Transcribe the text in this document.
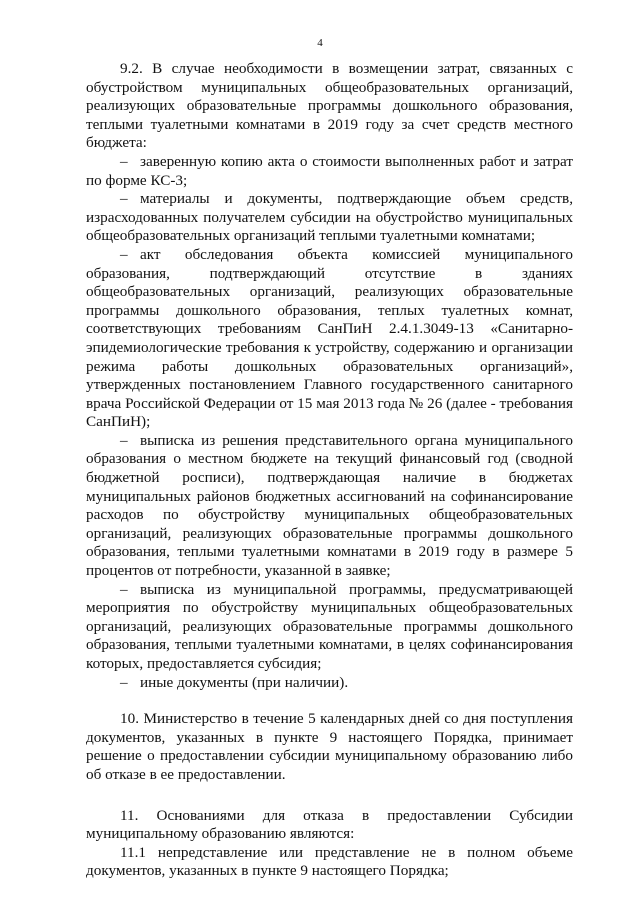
4

9.2. В случае необходимости в возмещении затрат, связанных с обустройством муниципальных общеобразовательных организаций, реализующих образовательные программы дошкольного образования, теплыми туалетными комнатами в 2019 году за счет средств местного бюджета:

– заверенную копию акта о стоимости выполненных работ и затрат по форме КС-3;

– материалы и документы, подтверждающие объем средств, израсходованных получателем субсидии на обустройство муниципальных общеобразовательных организаций теплыми туалетными комнатами;

– акт обследования объекта комиссией муниципального образования, подтверждающий отсутствие в зданиях общеобразовательных организаций, реализующих образовательные программы дошкольного образования, теплых туалетных комнат, соответствующих требованиям СанПиН 2.4.1.3049-13 «Санитарно-эпидемиологические требования к устройству, содержанию и организации режима работы дошкольных образовательных организаций», утвержденных постановлением Главного государственного санитарного врача Российской Федерации от 15 мая 2013 года № 26 (далее - требования СанПиН);

– выписка из решения представительного органа муниципального образования о местном бюджете на текущий финансовый год (сводной бюджетной росписи), подтверждающая наличие в бюджетах муниципальных районов бюджетных ассигнований на софинансирование расходов по обустройству муниципальных общеобразовательных организаций, реализующих образовательные программы дошкольного образования, теплыми туалетными комнатами в 2019 году в размере 5 процентов от потребности, указанной в заявке;

– выписка из муниципальной программы, предусматривающей мероприятия по обустройству муниципальных общеобразовательных организаций, реализующих образовательные программы дошкольного образования, теплыми туалетными комнатами, в целях софинансирования которых, предоставляется субсидия;

– иные документы (при наличии).

10. Министерство в течение 5 календарных дней со дня поступления документов, указанных в пункте 9 настоящего Порядка, принимает решение о предоставлении субсидии муниципальному образованию либо об отказе в ее предоставлении.

11. Основаниями для отказа в предоставлении Субсидии муниципальному образованию являются:

11.1 непредставление или представление не в полном объеме документов, указанных в пункте 9 настоящего Порядка;
